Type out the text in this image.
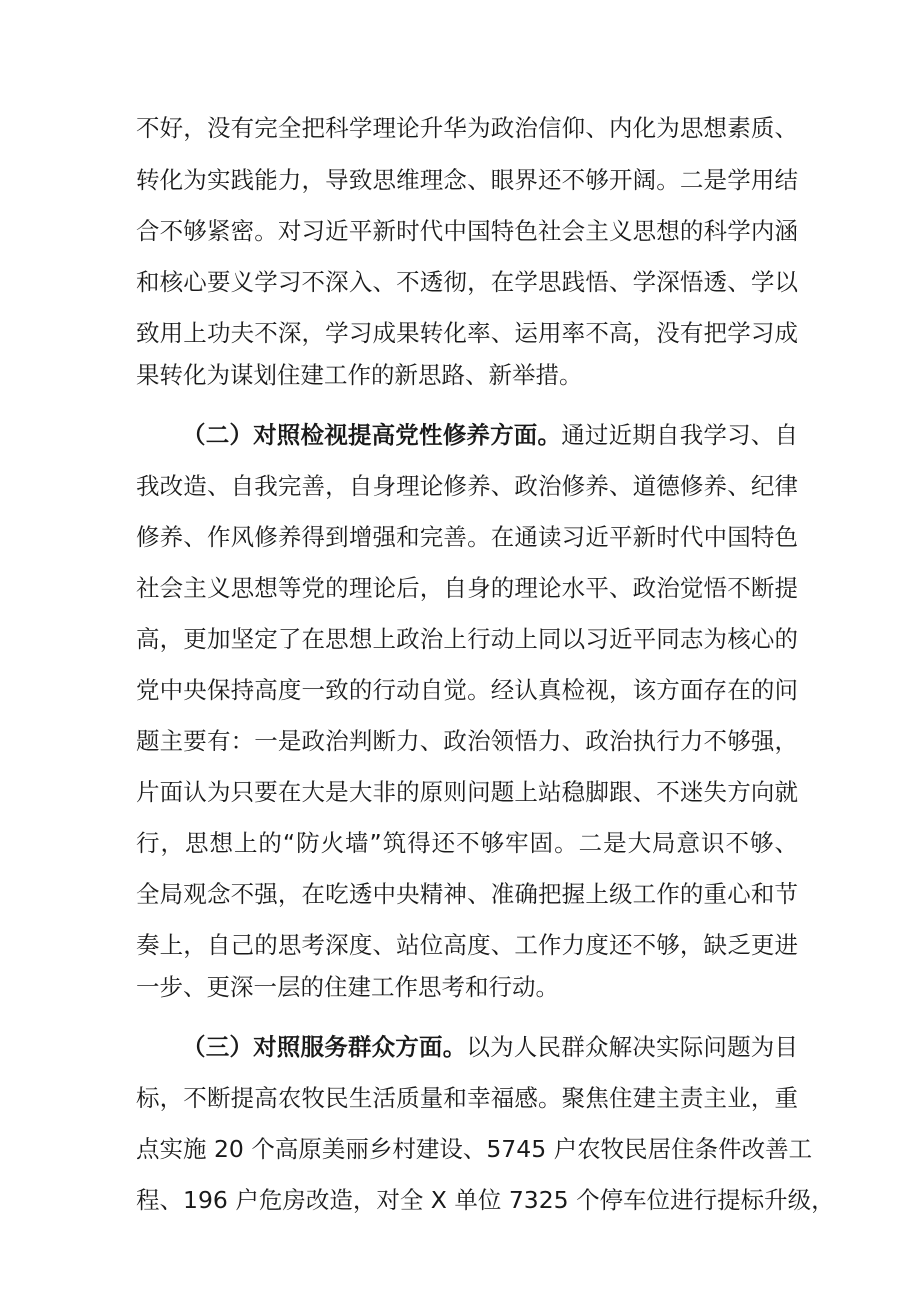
不好，没有完全把科学理论升华为政治信仰、内化为思想素质、
转化为实践能力，导致思维理念、眼界还不够开阔。二是学用结
合不够紧密。对习近平新时代中国特色社会主义思想的科学内涵
和核心要义学习不深入、不透彻，在学思践悟、学深悟透、学以
致用上功夫不深，学习成果转化率、运用率不高，没有把学习成
果转化为谋划住建工作的新思路、新举措。
（二）对照检视提高党性修养方面。通过近期自我学习、自
我改造、自我完善，自身理论修养、政治修养、道德修养、纪律
修养、作风修养得到增强和完善。在通读习近平新时代中国特色
社会主义思想等党的理论后，自身的理论水平、政治觉悟不断提
高，更加坚定了在思想上政治上行动上同以习近平同志为核心的
党中央保持高度一致的行动自觉。经认真检视，该方面存在的问
题主要有：一是政治判断力、政治领悟力、政治执行力不够强，
片面认为只要在大是大非的原则问题上站稳脚跟、不迷失方向就
行，思想上的“防火墙”筑得还不够牢固。二是大局意识不够、
全局观念不强，在吃透中央精神、准确把握上级工作的重心和节
奏上，自己的思考深度、站位高度、工作力度还不够，缺乏更进
一步、更深一层的住建工作思考和行动。
（三）对照服务群众方面。以为人民群众解决实际问题为目
标，不断提高农牧民生活质量和幸福感。聚焦住建主责主业，重
点实施 20 个高原美丽乡村建设、5745 户农牧民居住条件改善工
程、196 户危房改造，对全 X 单位 7325 个停车位进行提标升级，
